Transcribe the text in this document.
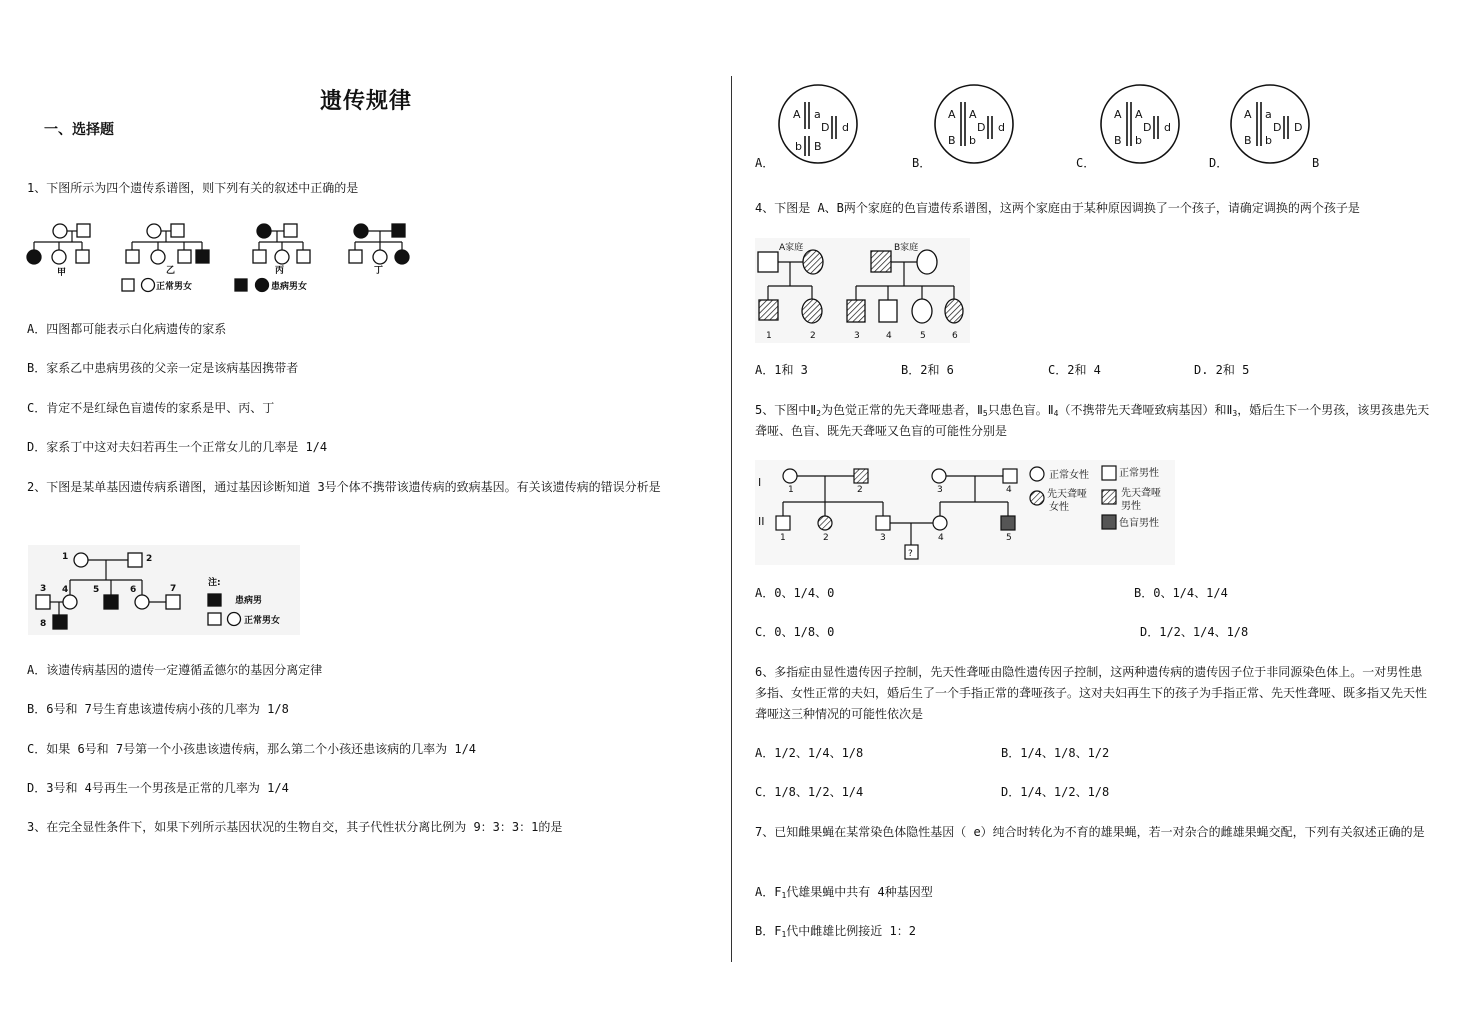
遗传规律
一、选择题
1、下图所示为四个遗传系谱图，则下列有关的叙述中正确的是
甲	乙	丙	丁
正常男女	患病男女
A．四图都可能表示白化病遗传的家系
B．家系乙中患病男孩的父亲一定是该病基因携带者
C．肯定不是红绿色盲遗传的家系是甲、丙、丁
D．家系丁中这对夫妇若再生一个正常女儿的几率是 1/4
2、下图是某单基因遗传病系谱图，通过基因诊断知道 3号个体不携带该遗传病的致病基因。有关该遗传病的错误分析是
1	2
3 4	5	6	7
8
注:
患病男
正常男女
A．该遗传病基因的遗传一定遵循孟德尔的基因分离定律
B．6号和 7号生育患该遗传病小孩的几率为 1/8
C．如果 6号和 7号第一个小孩患该遗传病，那么第二个小孩还患该病的几率为 1/4
D．3号和 4号再生一个男孩是正常的几率为 1/4
3、在完全显性条件下，如果下列所示基因状况的生物自交，其子代性状分离比例为 9：3：3：1的是
A a
b B
D d
A A
B b
D d
A A
B b
D d
A a
B b
D D
A．	B．	C．	D．	B
4、下图是 A、B两个家庭的色盲遗传系谱图，这两个家庭由于某种原因调换了一个孩子，请确定调换的两个孩子是
A家庭	B家庭
1	2	3	4	5	6
A．1和 3	B．2和 6	C．2和 4	D. 2和 5
5、下图中$Ⅱ_2$为色觉正常的先天聋哑患者，$Ⅱ_5$只患色盲。$Ⅱ_4$（不携带先天聋哑致病基因）和$Ⅱ_3$，婚后生下一个男孩，该男孩患先天聋哑、色盲、既先天聋哑又色盲的可能性分别是
I
II
1	2	3	4
1	2	3	4	5
?
正常女性	正常男性
先天聋哑
女性
先天聋哑
男性
色盲男性
A．0、1/4、0	B．0、1/4、1/4
C．0、1/8、0	D．1/2、1/4、1/8
6、多指症由显性遗传因子控制，先天性聋哑由隐性遗传因子控制，这两种遗传病的遗传因子位于非同源染色体上。一对男性患多指、女性正常的夫妇，婚后生了一个手指正常的聋哑孩子。这对夫妇再生下的孩子为手指正常、先天性聋哑、既多指又先天性聋哑这三种情况的可能性依次是
A．1/2、1/4、1/8	B．1/4、1/8、1/2
C．1/8、1/2、1/4	D．1/4、1/2、1/8
7、已知雌果蝇在某常染色体隐性基因（ e）纯合时转化为不育的雄果蝇，若一对杂合的雌雄果蝇交配，下列有关叙述正确的是
A．$F_1$代雄果蝇中共有 4种基因型
B．$F_1$代中雌雄比例接近 1：2
